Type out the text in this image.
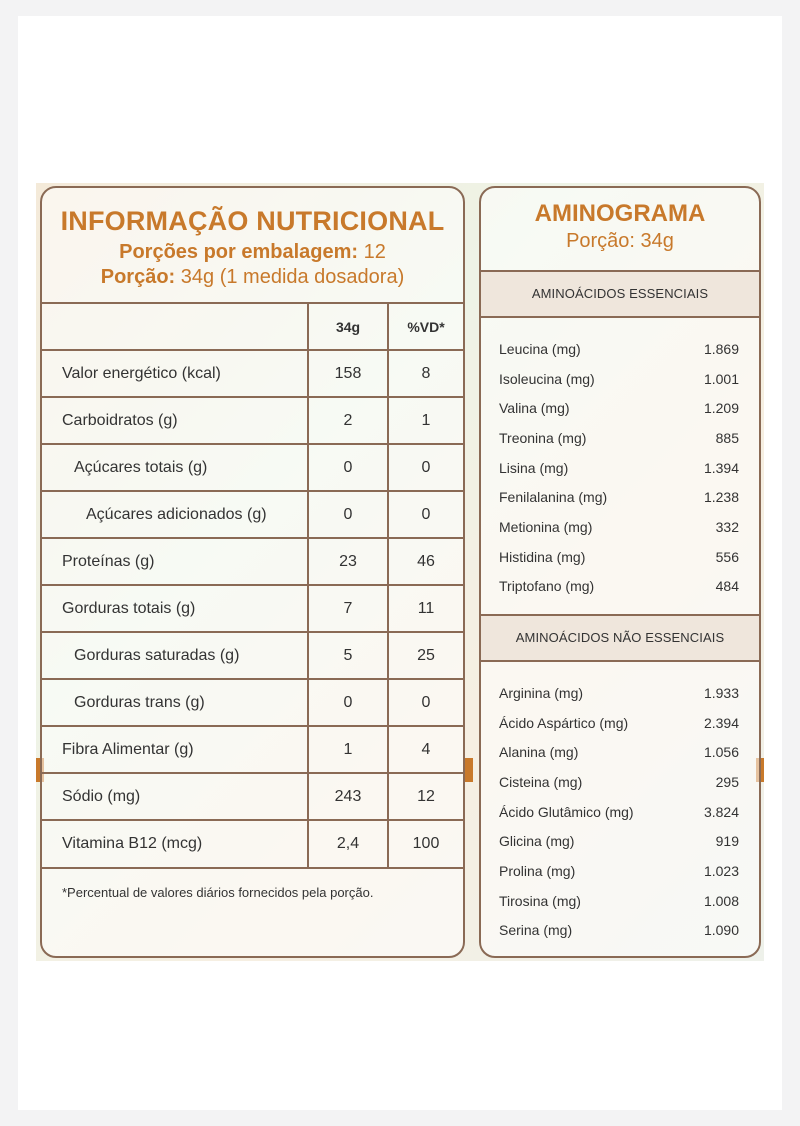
INFORMAÇÃO NUTRICIONAL
Porções por embalagem: 12
Porção: 34g (1 medida dosadora)
	34g	%VD*
Valor energético (kcal)	158	8
Carboidratos (g)	2	1
Açúcares totais (g)	0	0
Açúcares adicionados (g)	0	0
Proteínas (g)	23	46
Gorduras totais (g)	7	11
Gorduras saturadas (g)	5	25
Gorduras trans (g)	0	0
Fibra Alimentar (g)	1	4
Sódio (mg)	243	12
Vitamina B12 (mcg)	2,4	100
*Percentual de valores diários fornecidos pela porção.
AMINOGRAMA
Porção: 34g
AMINOÁCIDOS ESSENCIAIS
Leucina (mg)	1.869
Isoleucina (mg)	1.001
Valina (mg)	1.209
Treonina (mg)	885
Lisina (mg)	1.394
Fenilalanina (mg)	1.238
Metionina (mg)	332
Histidina (mg)	556
Triptofano (mg)	484
AMINOÁCIDOS NÃO ESSENCIAIS
Arginina (mg)	1.933
Ácido Aspártico (mg)	2.394
Alanina (mg)	1.056
Cisteina (mg)	295
Ácido Glutâmico (mg)	3.824
Glicina (mg)	919
Prolina (mg)	1.023
Tirosina (mg)	1.008
Serina (mg)	1.090
